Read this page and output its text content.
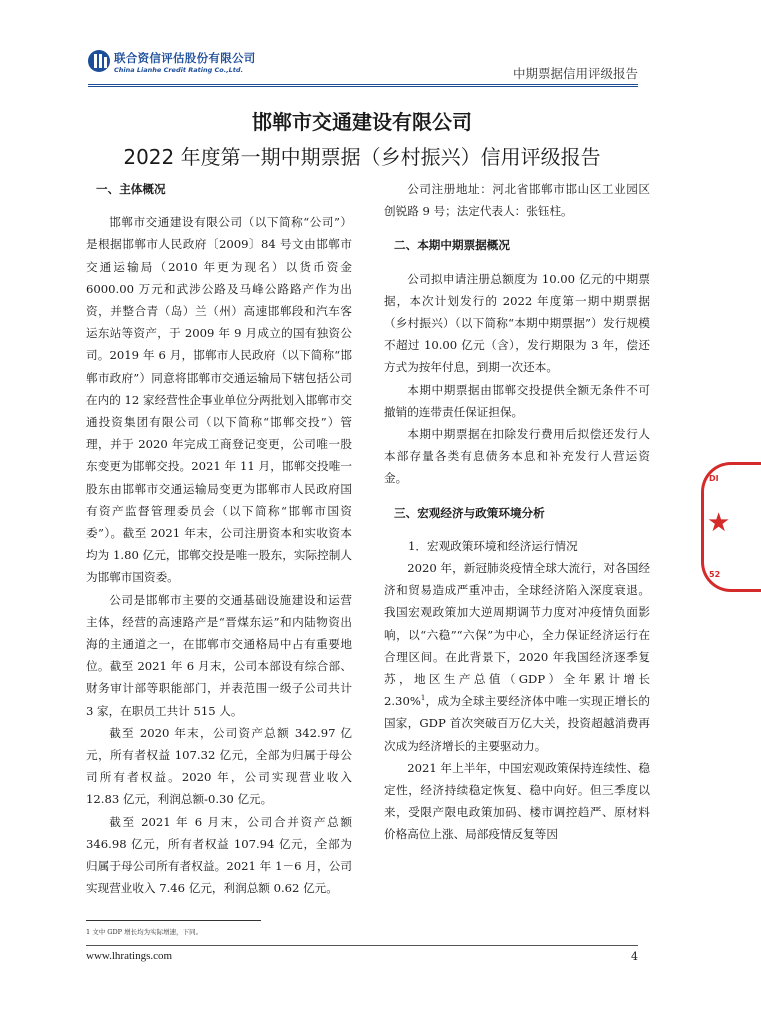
联合资信评估股份有限公司
China Lianhe Credit Rating Co.,Ltd.	中期票据信用评级报告
邯郸市交通建设有限公司
2022 年度第一期中期票据（乡村振兴）信用评级报告

一、主体概况

邯郸市交通建设有限公司（以下简称“公司”）是根据邯郸市人民政府〔2009〕84 号文由邯郸市交通运输局（2010 年更为现名）以货币资金 6000.00 万元和武涉公路及马峰公路路产作为出资，并整合青（岛）兰（州）高速邯郸段和汽车客运东站等资产，于 2009 年 9 月成立的国有独资公司。2019 年 6 月，邯郸市人民政府（以下简称“邯郸市政府”）同意将邯郸市交通运输局下辖包括公司在内的 12 家经营性企事业单位分两批划入邯郸市交通投资集团有限公司（以下简称“邯郸交投”）管理，并于 2020 年完成工商登记变更，公司唯一股东变更为邯郸交投。2021 年 11 月，邯郸交投唯一股东由邯郸市交通运输局变更为邯郸市人民政府国有资产监督管理委员会（以下简称“邯郸市国资委”）。截至 2021 年末，公司注册资本和实收资本均为 1.80 亿元，邯郸交投是唯一股东，实际控制人为邯郸市国资委。

公司是邯郸市主要的交通基础设施建设和运营主体，经营的高速路产是“晋煤东运”和内陆物资出海的主通道之一，在邯郸市交通格局中占有重要地位。截至 2021 年 6 月末，公司本部设有综合部、财务审计部等职能部门，并表范围一级子公司共计 3 家，在职员工共计 515 人。

截至 2020 年末，公司资产总额 342.97 亿元，所有者权益 107.32 亿元，全部为归属于母公司所有者权益。2020 年，公司实现营业收入 12.83 亿元，利润总额-0.30 亿元。

截至 2021 年 6 月末，公司合并资产总额 346.98 亿元，所有者权益 107.94 亿元，全部为归属于母公司所有者权益。2021 年 1－6 月，公司实现营业收入 7.46 亿元，利润总额 0.62 亿元。

公司注册地址：河北省邯郸市邯山区工业园区创锐路 9 号；法定代表人：张钰柱。

二、本期中期票据概况

公司拟申请注册总额度为 10.00 亿元的中期票据，本次计划发行的 2022 年度第一期中期票据（乡村振兴）（以下简称“本期中期票据”）发行规模不超过 10.00 亿元（含），发行期限为 3 年，偿还方式为按年付息，到期一次还本。

本期中期票据由邯郸交投提供全额无条件不可撤销的连带责任保证担保。

本期中期票据在扣除发行费用后拟偿还发行人本部存量各类有息债务本息和补充发行人营运资金。

三、宏观经济与政策环境分析

1．宏观政策环境和经济运行情况

2020 年，新冠肺炎疫情全球大流行，对各国经济和贸易造成严重冲击，全球经济陷入深度衰退。我国宏观政策加大逆周期调节力度对冲疫情负面影响，以“六稳”“六保”为中心，全力保证经济运行在合理区间。在此背景下，2020 年我国经济逐季复苏，地区生产总值（GDP）全年累计增长 2.30%$^1$，成为全球主要经济体中唯一实现正增长的国家，GDP 首次突破百万亿大关，投资超越消费再次成为经济增长的主要驱动力。

2021 年上半年，中国宏观政策保持连续性、稳定性，经济持续稳定恢复、稳中向好。但三季度以来，受限产限电政策加码、楼市调控趋严、原材料价格高位上涨、局部疫情反复等因

1 文中 GDP 增长均为实际增速，下同。
www.lhratings.com	4
DI
★
52
